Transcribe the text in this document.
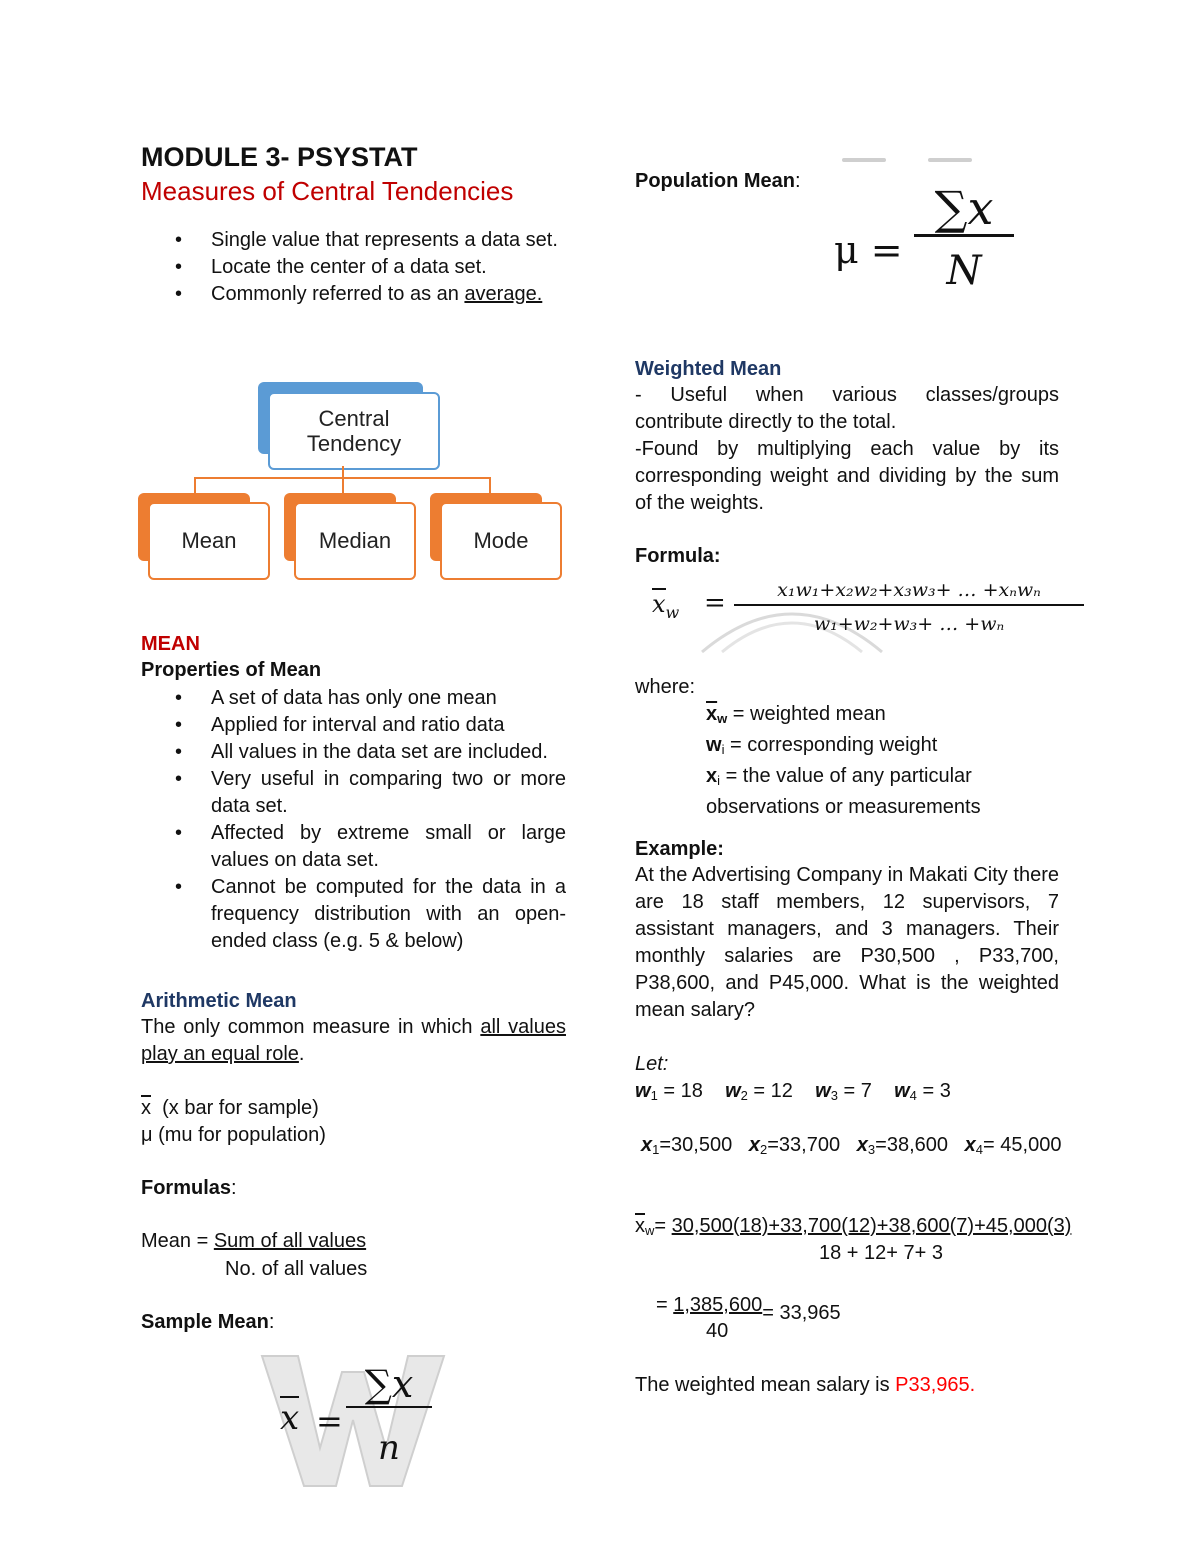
MODULE 3- PSYSTAT
Measures of Central Tendencies
• Single value that represents a data set.
• Locate the center of a data set.
• Commonly referred to as an average.
Central Tendency
Mean	Median	Mode
MEAN
Properties of Mean
• A set of data has only one mean
• Applied for interval and ratio data
• All values in the data set are included.
• Very useful in comparing two or more data set.
• Affected by extreme small or large values on data set.
• Cannot be computed for the data in a frequency distribution with an open-ended class (e.g. 5 & below)
Arithmetic Mean
The only common measure in which all values play an equal role.
$\overline{x}$ (x bar for sample)
μ (mu for population)
Formulas:
Mean = Sum of all values
No. of all values
Sample Mean:
x =
∑x
n
Population Mean:
μ =
∑x
N
Weighted Mean
- Useful when various classes/groups contribute directly to the total.
-Found by multiplying each value by its corresponding weight and dividing by the sum of the weights.
Formula:
$x_w$ =	x₁w₁+x₂w₂+x₃w₃+ … +xₙwₙ
w₁+w₂+w₃+ … +wₙ
where:
$\overline{x}_w$ = weighted mean
$w_i$ = corresponding weight
$x_i$ = the value of any particular observations or measurements
Example:
At the Advertising Company in Makati City there are 18 staff members, 12 supervisors, 7 assistant managers, and 3 managers. Their monthly salaries are P30,500 , P33,700, P38,600, and P45,000. What is the weighted mean salary?
Let:
$w_1 = 18$ $w_2 = 12$ $w_3 = 7$ $w_4 = 3$
$x_1=30,500$ $x_2=33,700$ $x_3=38,600$ $x_4= 45,000$
$\overline{x}_w= 30,500(18)+33,700(12)+38,600(7)+45,000(3)$
18 + 12+ 7+ 3
= 1,385,600= 33,965
40
The weighted mean salary is P33,965.
